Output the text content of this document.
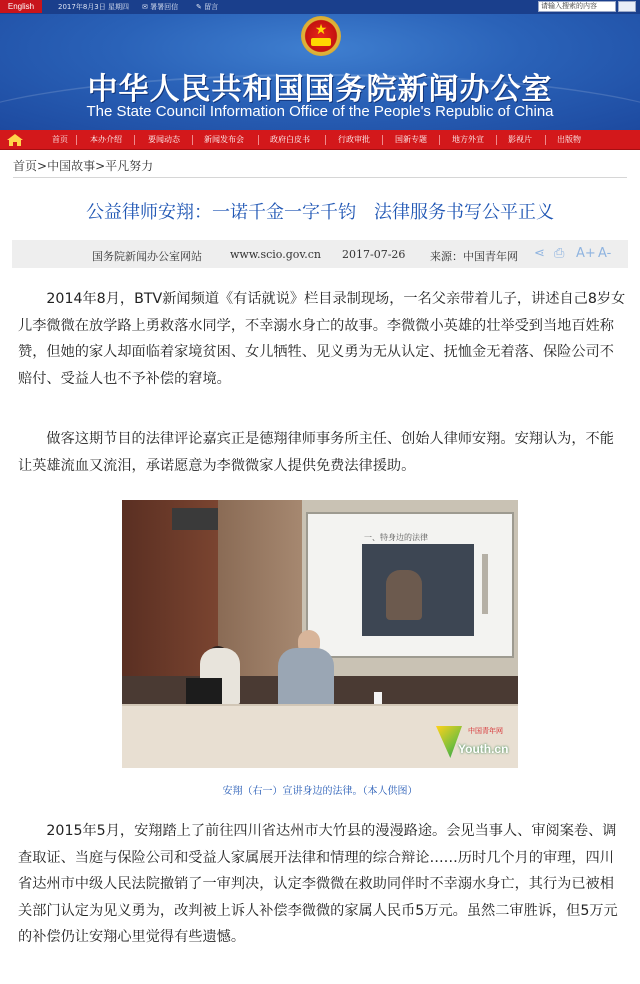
English	2017年8月3日 星期四 ✉ 署署回信	✎ 留言	请输入搜索的内容
★
中华人民共和国国务院新闻办公室
The State Council Information Office of the People's Republic of China
首页	本办介绍	要闻动态	新闻发布会	政府白皮书	行政审批	国新专题	地方外宣	影视片	出版物
首页>中国故事>平凡努力
公益律师安翔：一诺千金一字千钧　法律服务书写公平正义
国务院新闻办公室网站	www.scio.gov.cn 2017-07-26 来源：中国青年网 ⋖ ⎙ A+ A-

2014年8月，BTV新闻频道《有话就说》栏目录制现场，一名父亲带着儿子，讲述自己8岁女儿李微微在放学路上勇救落水同学，不幸溺水身亡的故事。李微微小英雄的壮举受到当地百姓称赞，但她的家人却面临着家境贫困、女儿牺牲、见义勇为无从认定、抚恤金无着落、保险公司不赔付、受益人也不予补偿的窘境。

做客这期节目的法律评论嘉宾正是德翔律师事务所主任、创始人律师安翔。安翔认为，不能让英雄流血又流泪，承诺愿意为李微微家人提供免费法律援助。

一、特身边的法律
中国青年网
Youth.cn
安翔（右一）宣讲身边的法律。（本人供图）

2015年5月，安翔踏上了前往四川省达州市大竹县的漫漫路途。会见当事人、审阅案卷、调查取证、当庭与保险公司和受益人家属展开法律和情理的综合辩论……历时几个月的审理，四川省达州市中级人民法院撤销了一审判决，认定李微微在救助同伴时不幸溺水身亡，其行为已被相关部门认定为见义勇为，改判被上诉人补偿李微微的家属人民币5万元。虽然二审胜诉，但5万元的补偿仍让安翔心里觉得有些遗憾。
